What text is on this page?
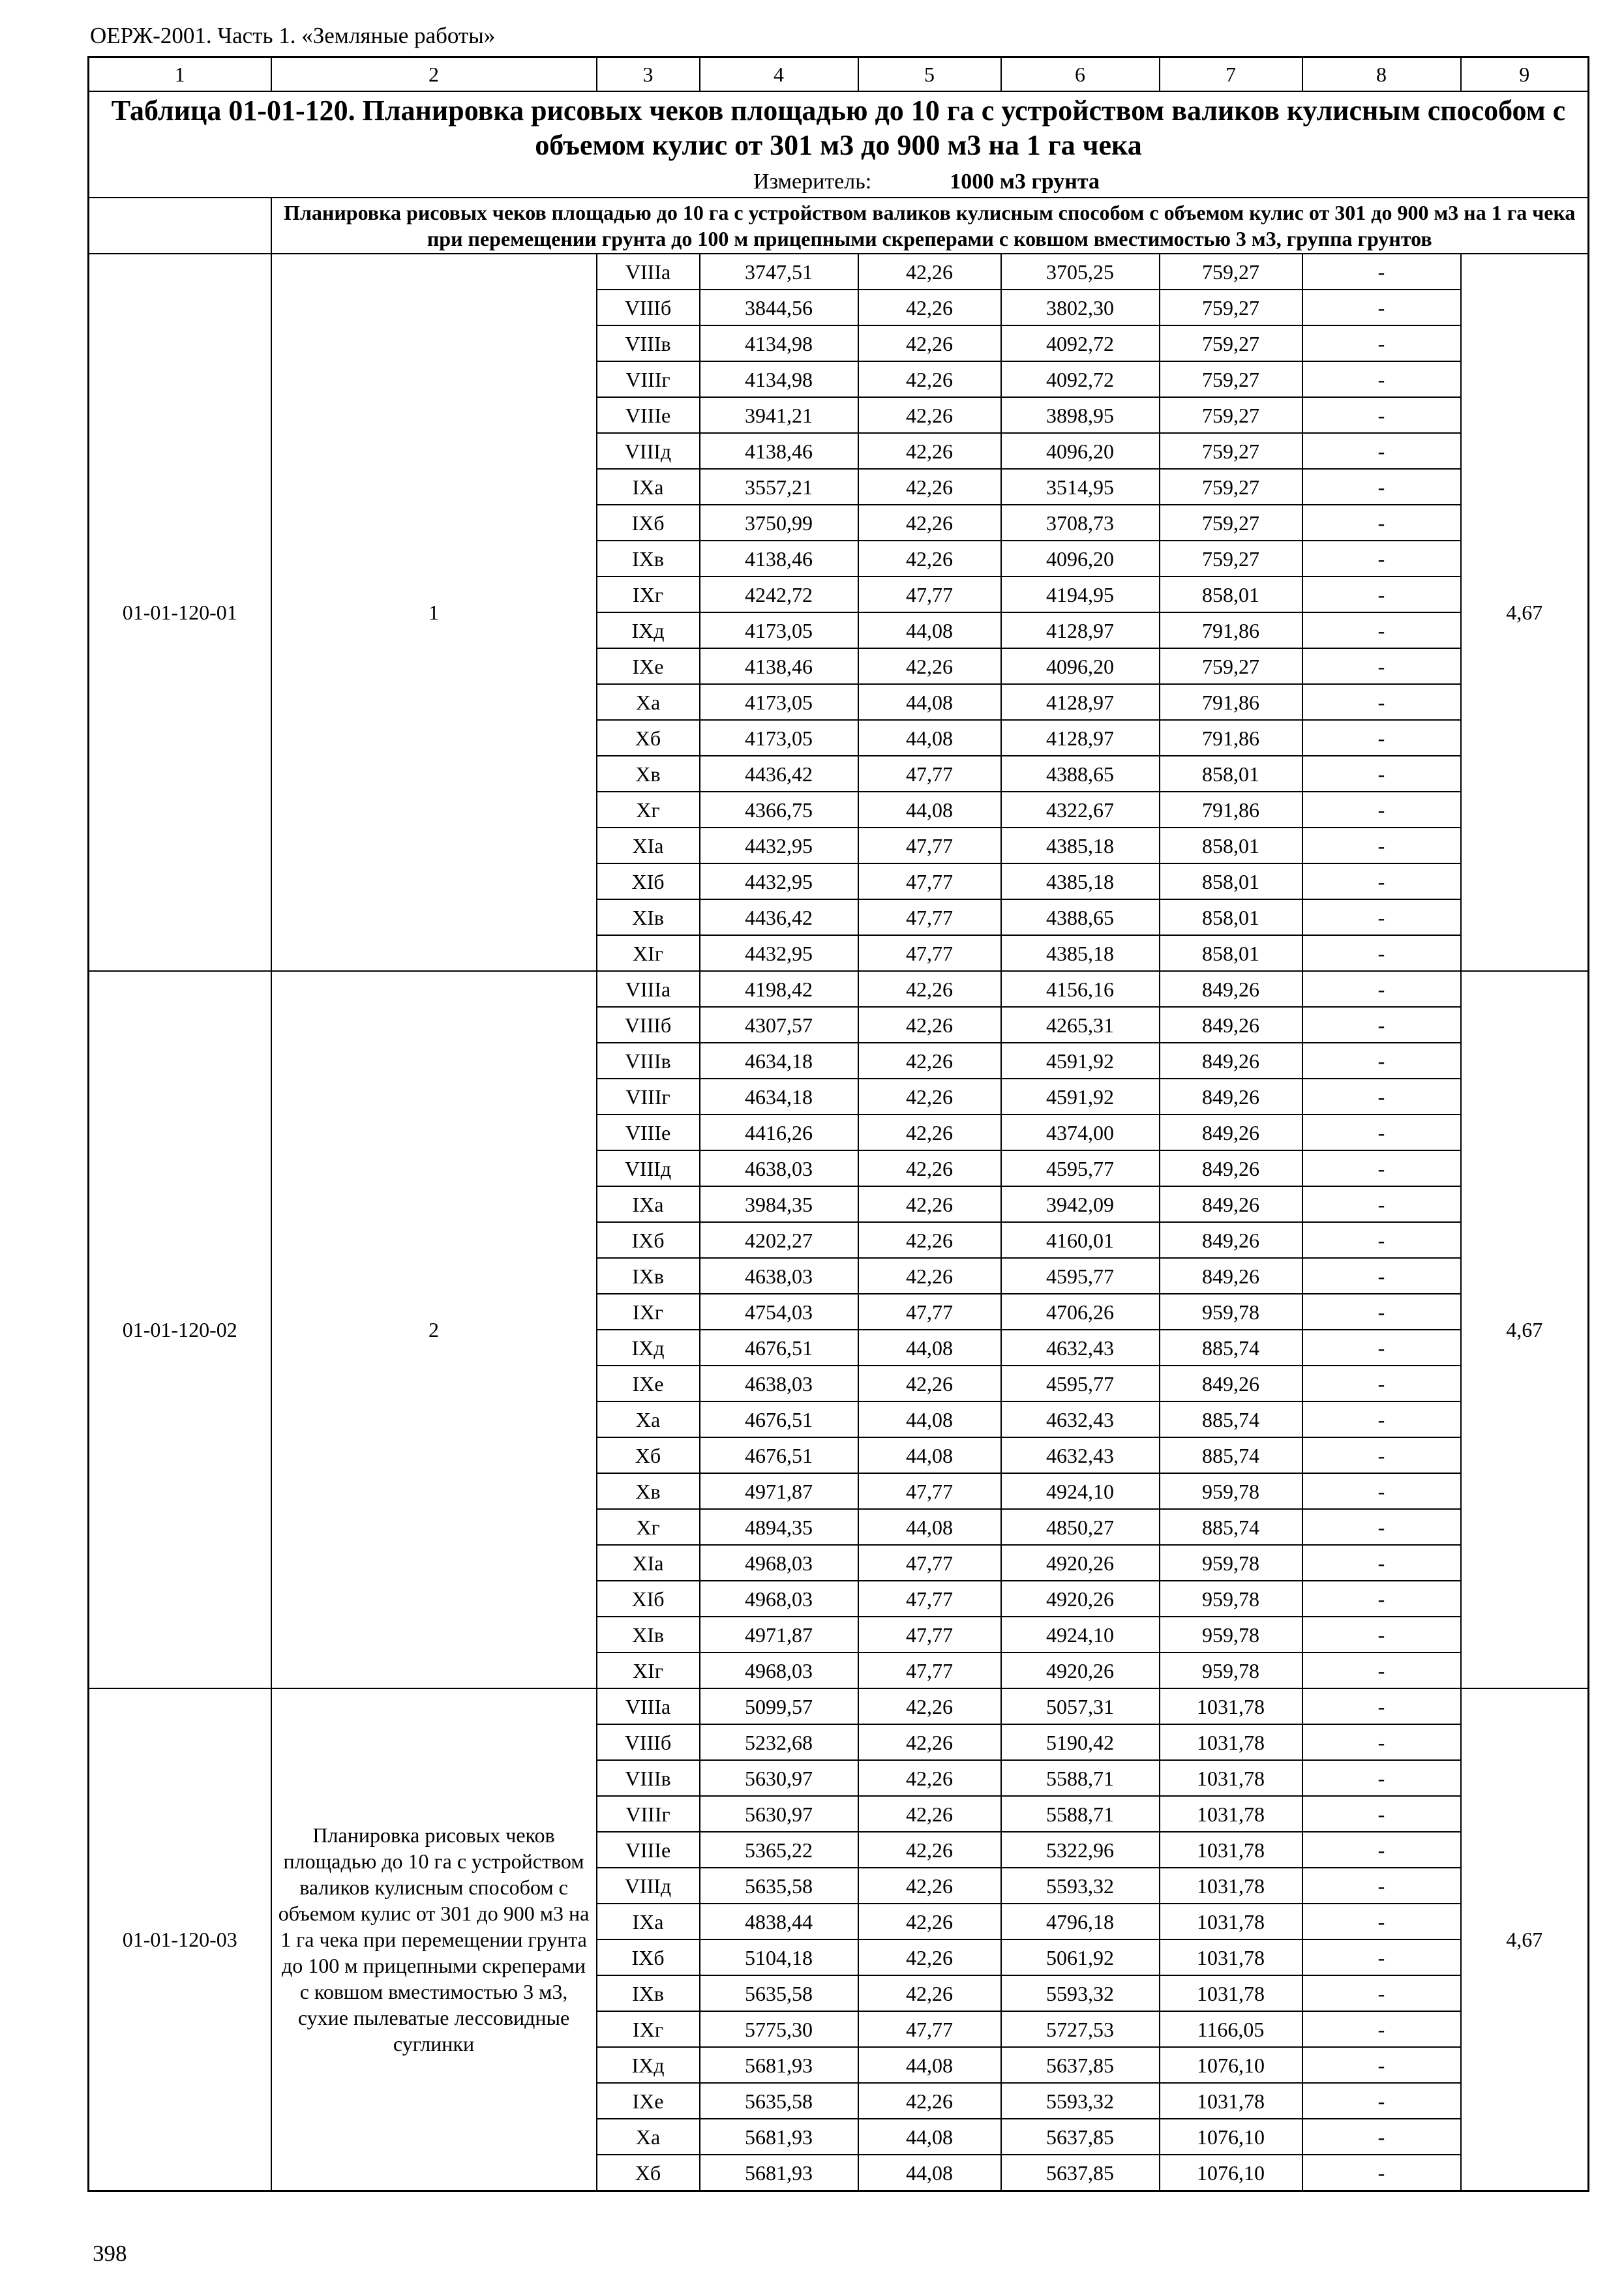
ОЕРЖ-2001. Часть 1. «Земляные работы»
1	2	3	4	5	6	7	8	9

Таблица 01-01-120. Планировка рисовых чеков площадью до 10 га с устройством валиков кулисным способом с объемом кулис от 301 м3 до 900 м3 на 1 га чека
Измеритель: 1000 м3 грунта								

	Планировка рисовых чеков площадью до 10 га с устройством валиков кулисным способом с объемом кулис от 301 до 900 м3 на 1 га чека при перемещении грунта до 100 м прицепными скреперами с ковшом вместимостью 3 м3, группа грунтов							
01-01-120-01	1	VIIIа	3747,51	42,26	3705,25	759,27	-	4,67
		VIIIб	3844,56	42,26	3802,30	759,27	-	
		VIIIв	4134,98	42,26	4092,72	759,27	-	
		VIIIг	4134,98	42,26	4092,72	759,27	-	
		VIIIе	3941,21	42,26	3898,95	759,27	-	
		VIIIд	4138,46	42,26	4096,20	759,27	-	
		IXа	3557,21	42,26	3514,95	759,27	-	
		IXб	3750,99	42,26	3708,73	759,27	-	
		IXв	4138,46	42,26	4096,20	759,27	-	
		IXг	4242,72	47,77	4194,95	858,01	-	
		IXд	4173,05	44,08	4128,97	791,86	-	
		IXе	4138,46	42,26	4096,20	759,27	-	
		Xа	4173,05	44,08	4128,97	791,86	-	
		Xб	4173,05	44,08	4128,97	791,86	-	
		Xв	4436,42	47,77	4388,65	858,01	-	
		Xг	4366,75	44,08	4322,67	791,86	-	
		XIа	4432,95	47,77	4385,18	858,01	-	
		XIб	4432,95	47,77	4385,18	858,01	-	
		XIв	4436,42	47,77	4388,65	858,01	-	
		XIг	4432,95	47,77	4385,18	858,01	-	
01-01-120-02	2	VIIIа	4198,42	42,26	4156,16	849,26	-	4,67
		VIIIб	4307,57	42,26	4265,31	849,26	-	
		VIIIв	4634,18	42,26	4591,92	849,26	-	
		VIIIг	4634,18	42,26	4591,92	849,26	-	
		VIIIе	4416,26	42,26	4374,00	849,26	-	
		VIIIд	4638,03	42,26	4595,77	849,26	-	
		IXа	3984,35	42,26	3942,09	849,26	-	
		IXб	4202,27	42,26	4160,01	849,26	-	
		IXв	4638,03	42,26	4595,77	849,26	-	
		IXг	4754,03	47,77	4706,26	959,78	-	
		IXд	4676,51	44,08	4632,43	885,74	-	
		IXе	4638,03	42,26	4595,77	849,26	-	
		Xа	4676,51	44,08	4632,43	885,74	-	
		Xб	4676,51	44,08	4632,43	885,74	-	
		Xв	4971,87	47,77	4924,10	959,78	-	
		Xг	4894,35	44,08	4850,27	885,74	-	
		XIа	4968,03	47,77	4920,26	959,78	-	
		XIб	4968,03	47,77	4920,26	959,78	-	
		XIв	4971,87	47,77	4924,10	959,78	-	
		XIг	4968,03	47,77	4920,26	959,78	-	
01-01-120-03	Планировка рисовых чеков площадью до 10 га с устройством валиков кулисным способом с объемом кулис от 301 до 900 м3 на 1 га чека при перемещении грунта до 100 м прицепными скреперами с ковшом вместимостью 3 м3, сухие пылеватые лессовидные суглинки	VIIIа	5099,57	42,26	5057,31	1031,78	-	4,67
		VIIIб	5232,68	42,26	5190,42	1031,78	-	
		VIIIв	5630,97	42,26	5588,71	1031,78	-	
		VIIIг	5630,97	42,26	5588,71	1031,78	-	
		VIIIе	5365,22	42,26	5322,96	1031,78	-	
		VIIIд	5635,58	42,26	5593,32	1031,78	-	
		IXа	4838,44	42,26	4796,18	1031,78	-	
		IXб	5104,18	42,26	5061,92	1031,78	-	
		IXв	5635,58	42,26	5593,32	1031,78	-	
		IXг	5775,30	47,77	5727,53	1166,05	-	
		IXд	5681,93	44,08	5637,85	1076,10	-	
		IXе	5635,58	42,26	5593,32	1031,78	-	
		Xа	5681,93	44,08	5637,85	1076,10	-	
		Xб	5681,93	44,08	5637,85	1076,10	-	
398
